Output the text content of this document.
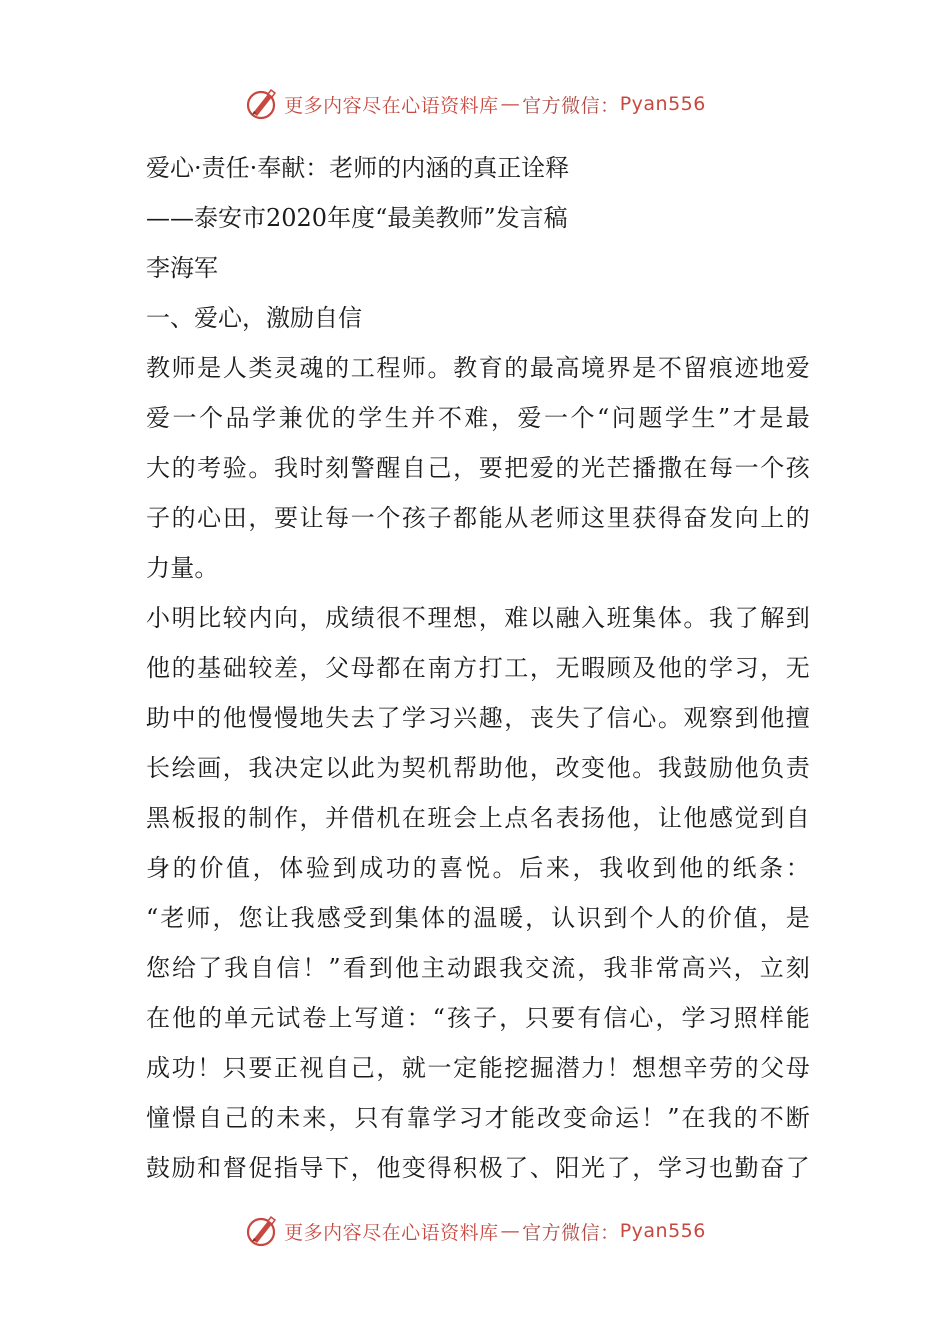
更多内容尽在心语资料库 — 官方微信： Pyan556
爱心·责任·奉献：老师的内涵的真正诠释
——泰安市2020年度“最美教师”发言稿
李海军
一、爱心，激励自信
教师是人类灵魂的工程师。教育的最高境界是不留痕迹地爱
爱一个品学兼优的学生并不难，爱一个“问题学生”才是最
大的考验。我时刻警醒自己，要把爱的光芒播撒在每一个孩
子的心田，要让每一个孩子都能从老师这里获得奋发向上的
力量。
小明比较内向，成绩很不理想，难以融入班集体。我了解到
他的基础较差，父母都在南方打工，无暇顾及他的学习，无
助中的他慢慢地失去了学习兴趣，丧失了信心。观察到他擅
长绘画，我决定以此为契机帮助他，改变他。我鼓励他负责
黑板报的制作，并借机在班会上点名表扬他，让他感觉到自
身的价值，体验到成功的喜悦。后来，我收到他的纸条：
“老师，您让我感受到集体的温暖，认识到个人的价值，是
您给了我自信！”看到他主动跟我交流，我非常高兴，立刻
在他的单元试卷上写道：“孩子，只要有信心，学习照样能
成功！只要正视自己，就一定能挖掘潜力！想想辛劳的父母
憧憬自己的未来，只有靠学习才能改变命运！”在我的不断
鼓励和督促指导下，他变得积极了、阳光了，学习也勤奋了
更多内容尽在心语资料库 — 官方微信： Pyan556
